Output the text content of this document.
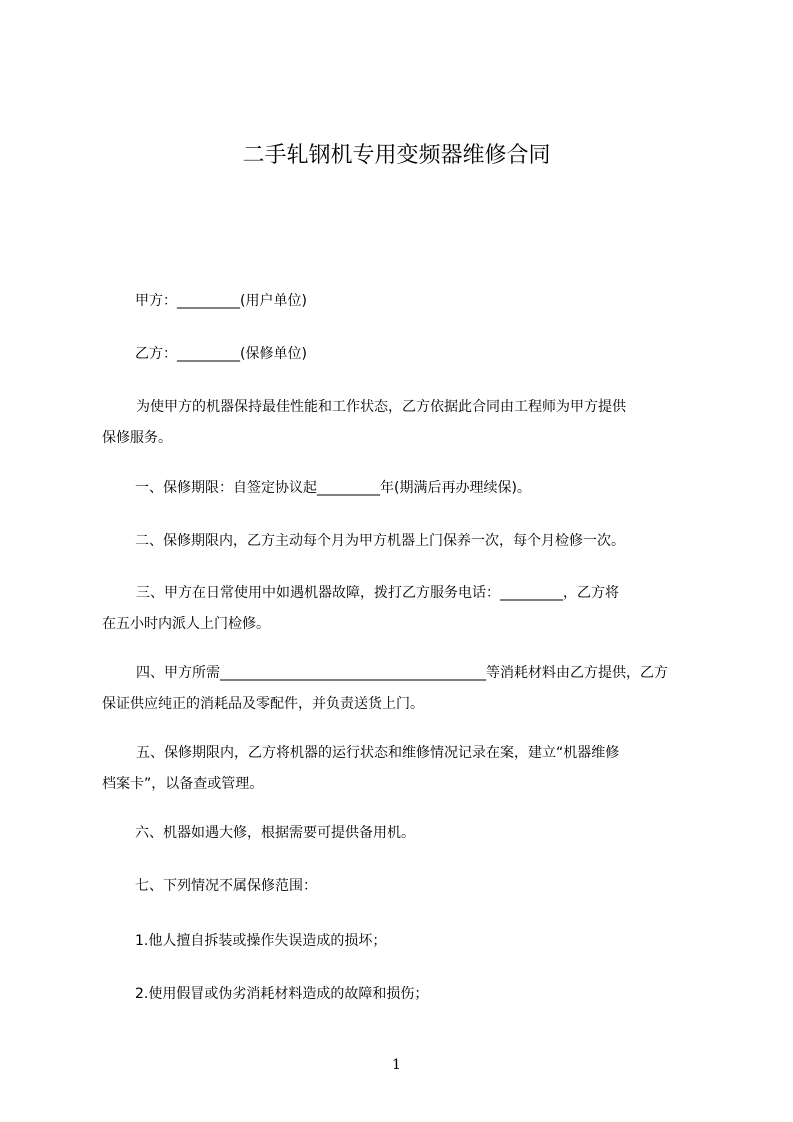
二手轧钢机专用变频器维修合同

甲方：_________(用户单位)

乙方：_________(保修单位)

为使甲方的机器保持最佳性能和工作状态，乙方依据此合同由工程师为甲方提供
保修服务。

一、保修期限：自签定协议起_________年(期满后再办理续保)。

二、保修期限内，乙方主动每个月为甲方机器上门保养一次，每个月检修一次。

三、甲方在日常使用中如遇机器故障，拨打乙方服务电话：_________，乙方将
在五小时内派人上门检修。

四、甲方所需______________________________________等消耗材料由乙方提供，乙方
保证供应纯正的消耗品及零配件，并负责送货上门。

五、保修期限内，乙方将机器的运行状态和维修情况记录在案，建立“机器维修
档案卡”，以备查或管理。

六、机器如遇大修，根据需要可提供备用机。

七、下列情况不属保修范围：

1.他人擅自拆装或操作失误造成的损坏；

2.使用假冒或伪劣消耗材料造成的故障和损伤；

1
